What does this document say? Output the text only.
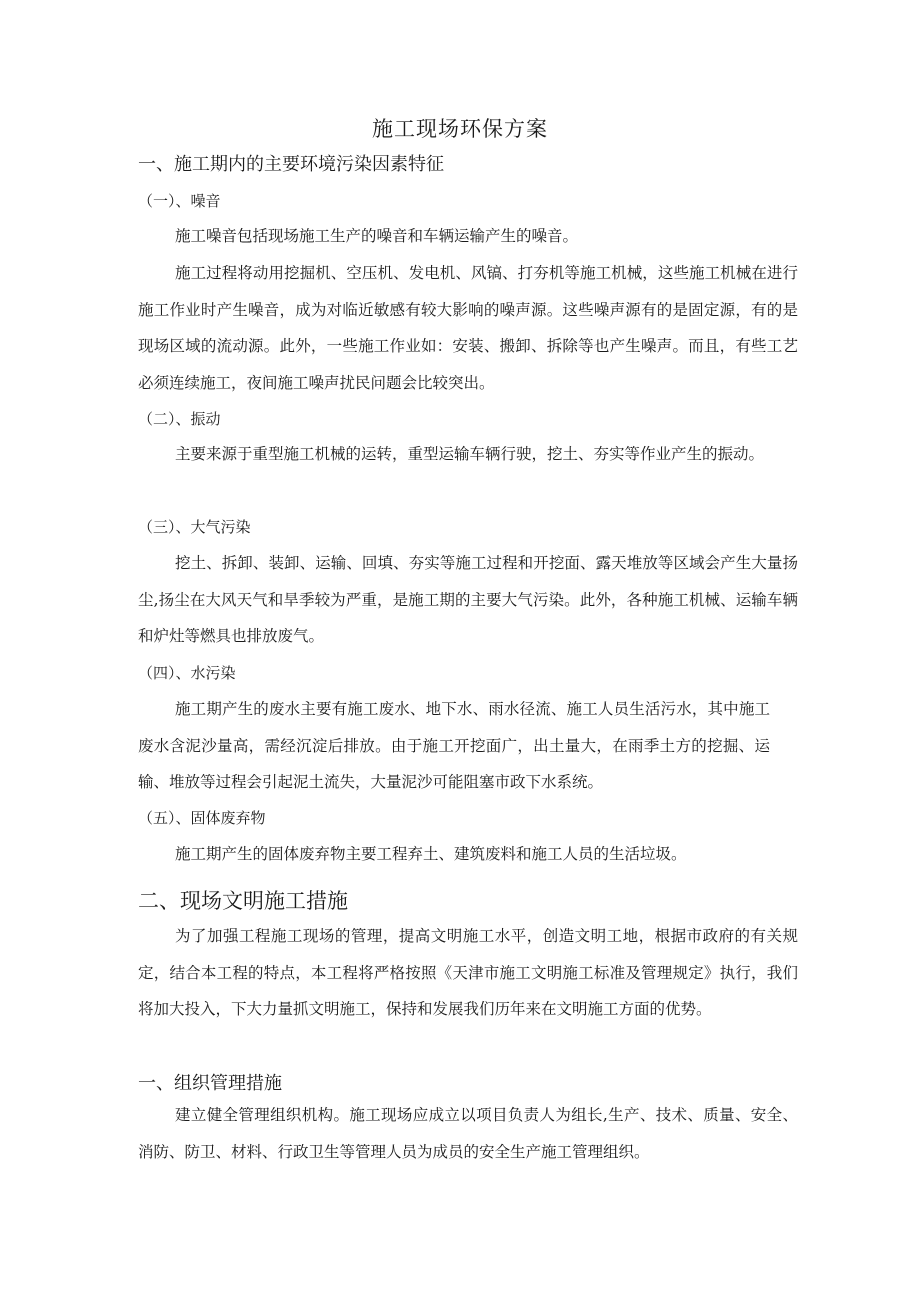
施工现场环保方案
一、施工期内的主要环境污染因素特征
（一）、噪音

施工噪音包括现场施工生产的噪音和车辆运输产生的噪音。

施工过程将动用挖掘机、空压机、发电机、风镐、打夯机等施工机械，这些施工机械在进行施工作业时产生噪音，成为对临近敏感有较大影响的噪声源。这些噪声源有的是固定源，有的是现场区域的流动源。此外，一些施工作业如：安装、搬卸、拆除等也产生噪声。而且，有些工艺必须连续施工，夜间施工噪声扰民问题会比较突出。

（二）、振动

主要来源于重型施工机械的运转，重型运输车辆行驶，挖土、夯实等作业产生的振动。

（三）、大气污染

挖土、拆卸、装卸、运输、回填、夯实等施工过程和开挖面、露天堆放等区域会产生大量扬尘,扬尘在大风天气和旱季较为严重，是施工期的主要大气污染。此外，各种施工机械、运输车辆和炉灶等燃具也排放废气。

（四）、水污染

施工期产生的废水主要有施工废水、地下水、雨水径流、施工人员生活污水，其中施工废水含泥沙量高，需经沉淀后排放。由于施工开挖面广，出土量大，在雨季土方的挖掘、运输、堆放等过程会引起泥土流失，大量泥沙可能阻塞市政下水系统。

（五）、固体废弃物

施工期产生的固体废弃物主要工程弃土、建筑废料和施工人员的生活垃圾。

二、现场文明施工措施

为了加强工程施工现场的管理，提高文明施工水平，创造文明工地，根据市政府的有关规定，结合本工程的特点，本工程将严格按照《天津市施工文明施工标准及管理规定》执行，我们将加大投入，下大力量抓文明施工，保持和发展我们历年来在文明施工方面的优势。

一、组织管理措施

建立健全管理组织机构。施工现场应成立以项目负责人为组长,生产、技术、质量、安全、消防、防卫、材料、行政卫生等管理人员为成员的安全生产施工管理组织。
